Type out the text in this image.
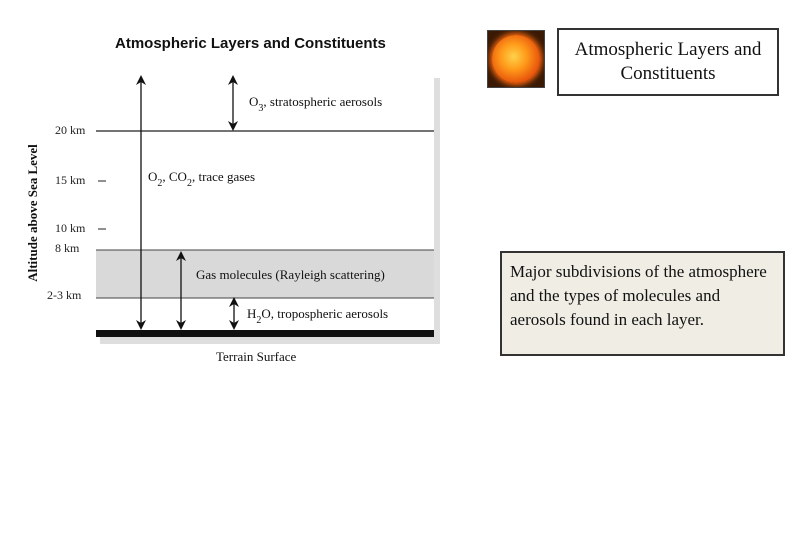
Atmospheric Layers and Constituents
Altitude above Sea Level
20 km
15 km
10 km
8 km
2-3 km
$O_3$, stratospheric aerosols
$O_2$, $CO_2$, trace gases
Gas molecules (Rayleigh scattering)
$H_2O$, tropospheric aerosols
Terrain Surface
Atmospheric Layers and Constituents
Major subdivisions of the atmosphere and the types of molecules and aerosols found in each layer.
